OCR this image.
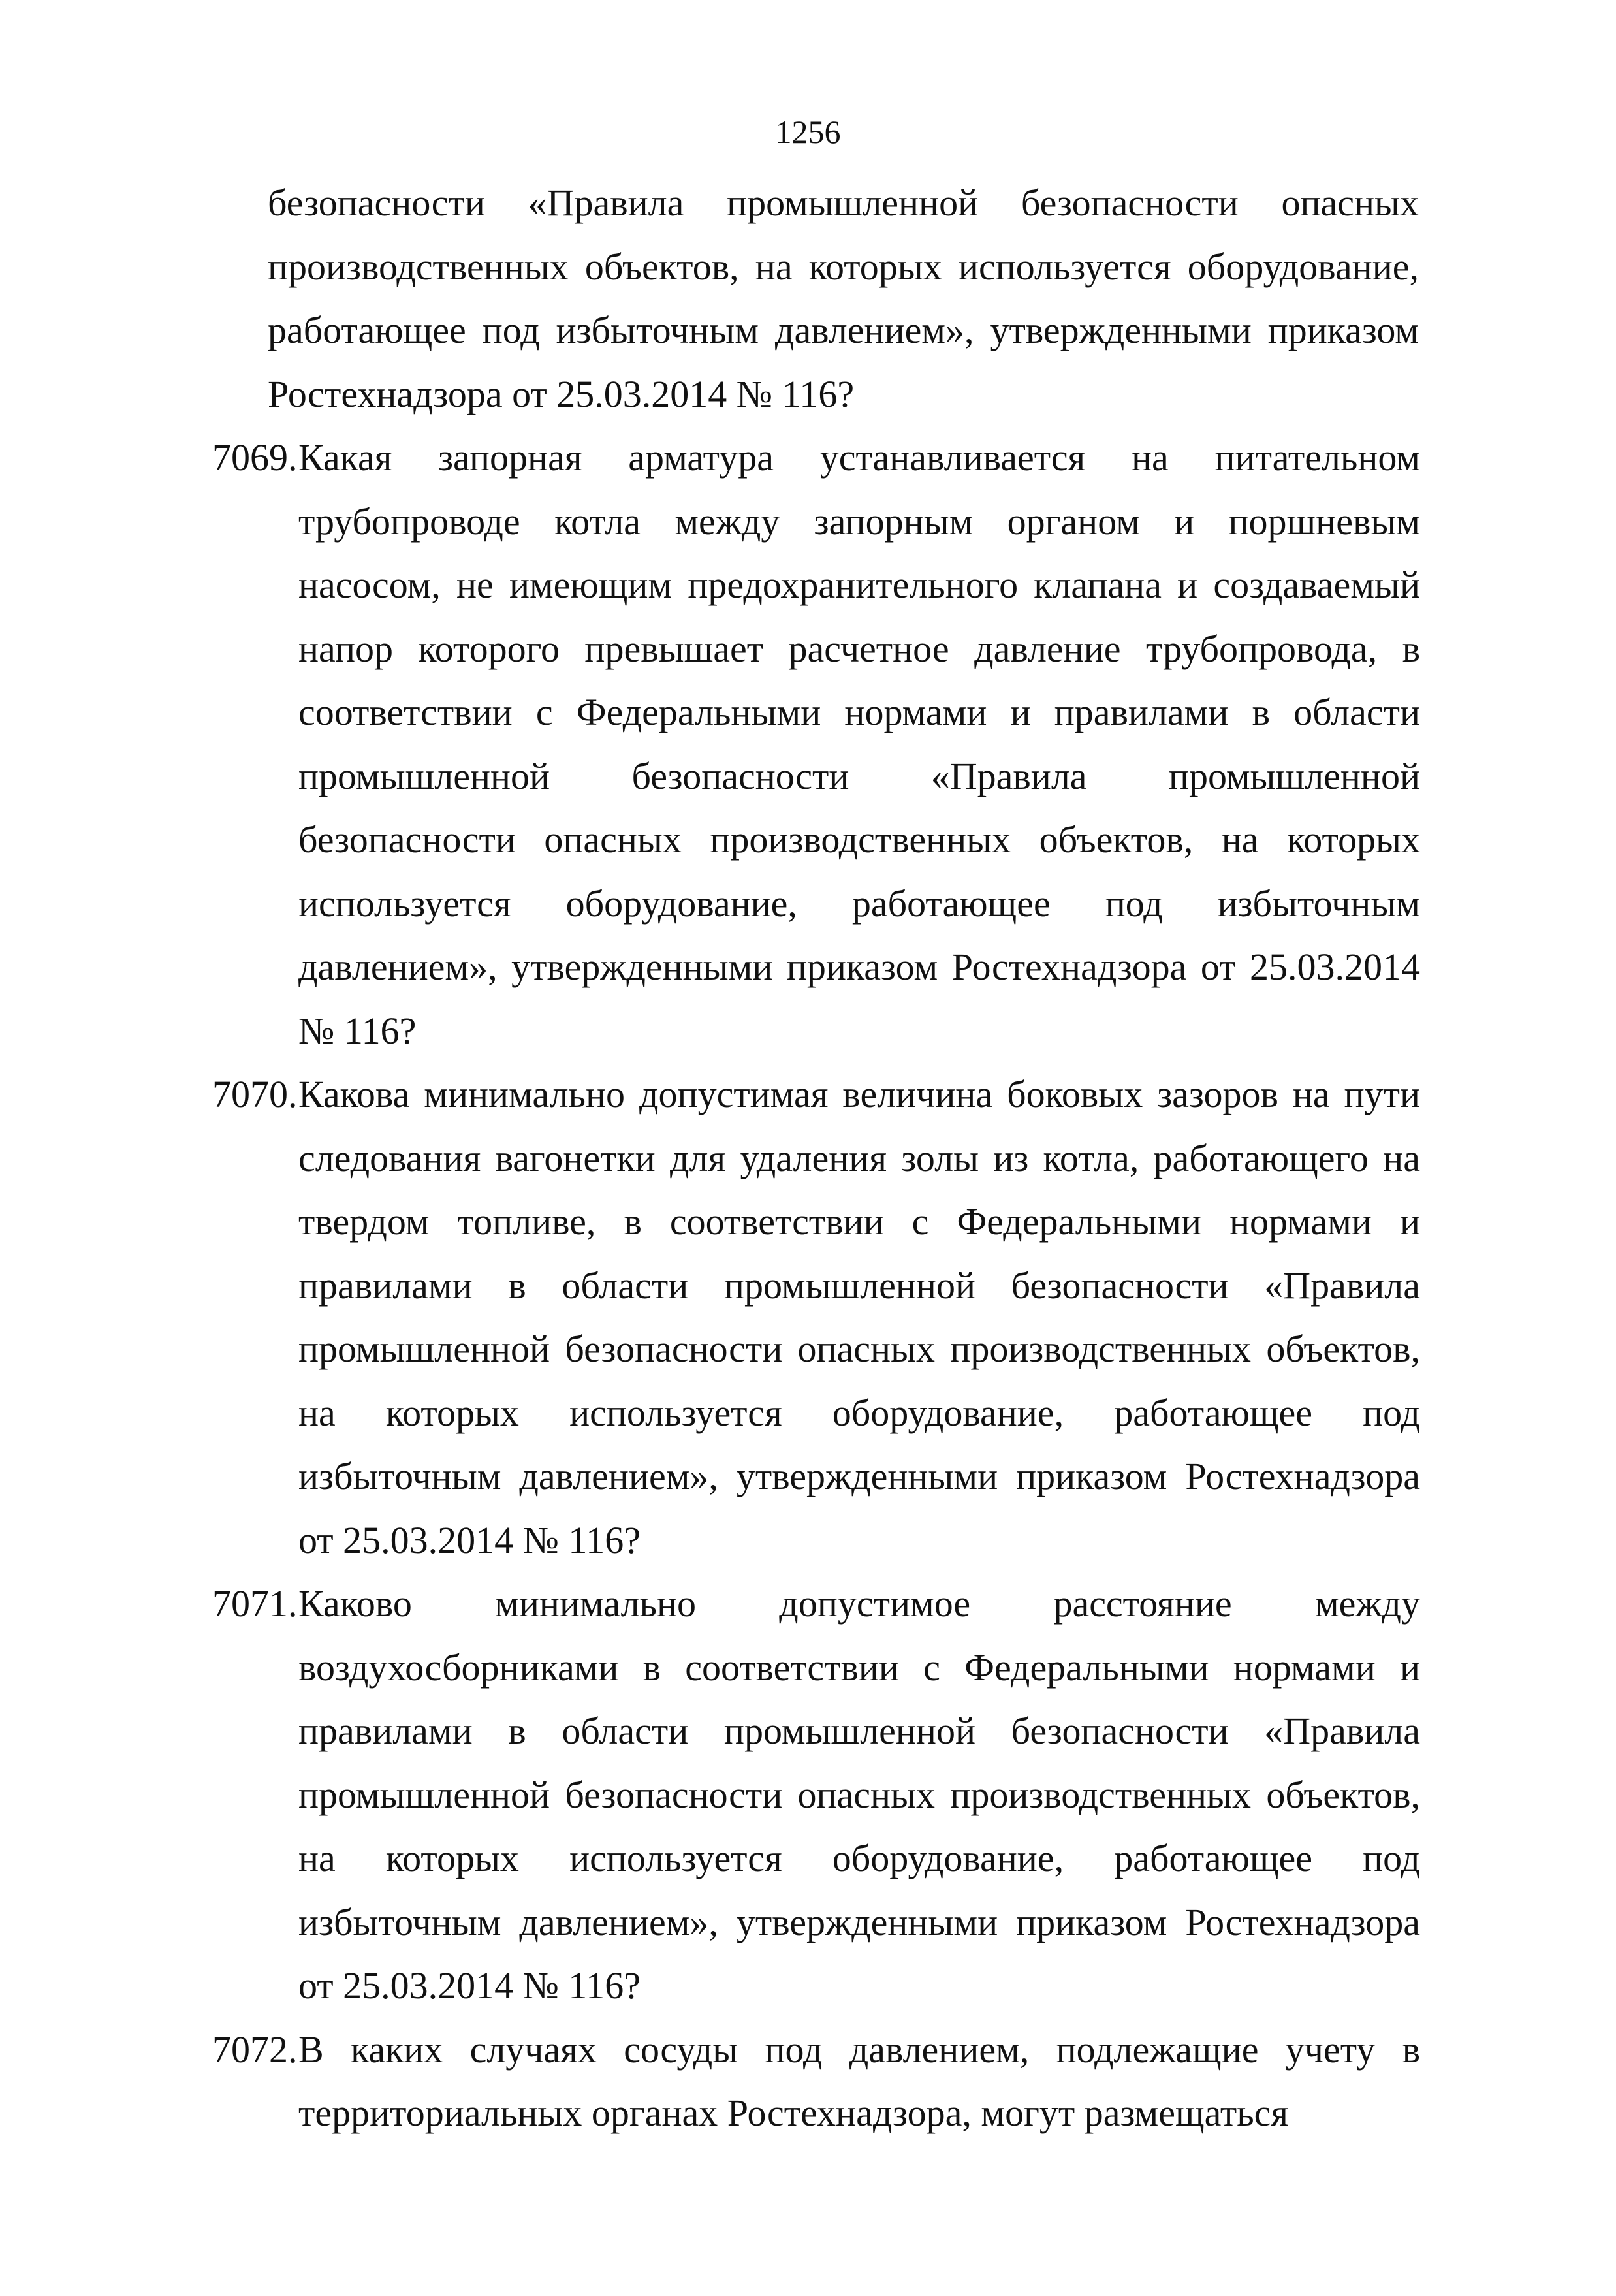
1256
безопасности «Правила промышленной безопасности опасных производственных объектов, на которых используется оборудование, работающее под избыточным давлением», утвержденными приказом Ростехнадзора от 25.03.2014 № 116?
7069. Какая запорная арматура устанавливается на питательном трубопроводе котла между запорным органом и поршневым насосом, не имеющим предохранительного клапана и создаваемый напор которого превышает расчетное давление трубопровода, в соответствии с Федеральными нормами и правилами в области промышленной безопасности «Правила промышленной безопасности опасных производственных объектов, на которых используется оборудование, работающее под избыточным давлением», утвержденными приказом Ростехнадзора от 25.03.2014 № 116?
7070. Какова минимально допустимая величина боковых зазоров на пути следования вагонетки для удаления золы из котла, работающего на твердом топливе, в соответствии с Федеральными нормами и правилами в области промышленной безопасности «Правила промышленной безопасности опасных производственных объектов, на которых используется оборудование, работающее под избыточным давлением», утвержденными приказом Ростехнадзора от 25.03.2014 № 116?
7071. Каково минимально допустимое расстояние между воздухосборниками в соответствии с Федеральными нормами и правилами в области промышленной безопасности «Правила промышленной безопасности опасных производственных объектов, на которых используется оборудование, работающее под избыточным давлением», утвержденными приказом Ростехнадзора от 25.03.2014 № 116?
7072. В каких случаях сосуды под давлением, подлежащие учету в территориальных органах Ростехнадзора, могут размещаться
